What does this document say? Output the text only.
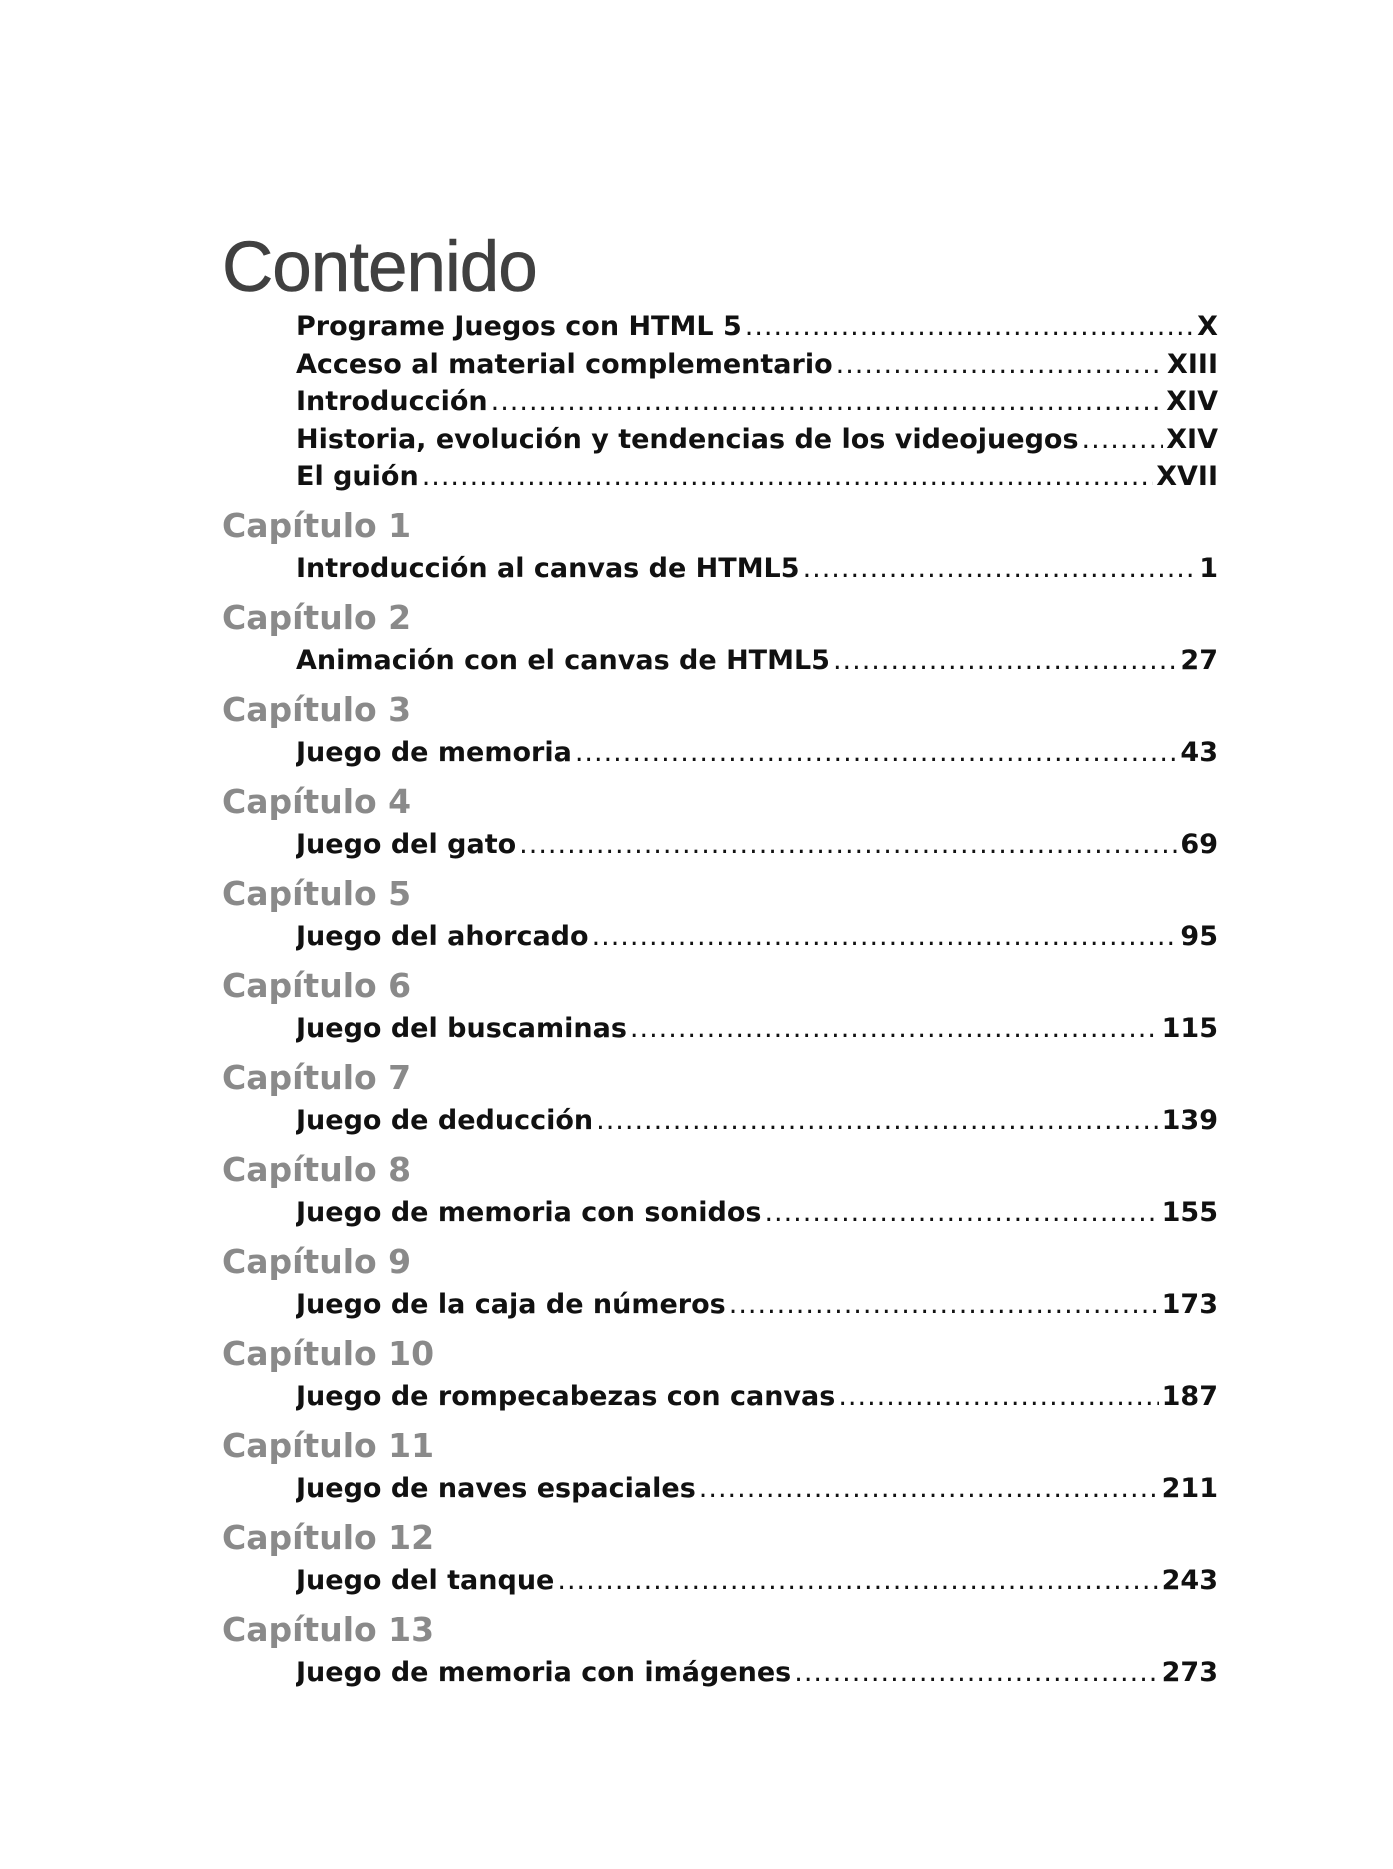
Contenido
Programe Juegos con HTML 5 .....	X
Acceso al material complementario .....	XIII
Introducción .....	XIV
Historia, evolución y tendencias de los videojuegos .....	XIV
El guión .....	XVII
Capítulo 1
Introducción al canvas de HTML5 .....	1
Capítulo 2
Animación con el canvas de HTML5 .....	27
Capítulo 3
Juego de memoria .....	43
Capítulo 4
Juego del gato .....	69
Capítulo 5
Juego del ahorcado .....	95
Capítulo 6
Juego del buscaminas .....	115
Capítulo 7
Juego de deducción .....	139
Capítulo 8
Juego de memoria con sonidos .....	155
Capítulo 9
Juego de la caja de números .....	173
Capítulo 10
Juego de rompecabezas con canvas .....	187
Capítulo 11
Juego de naves espaciales .....	211
Capítulo 12
Juego del tanque .....	243
Capítulo 13
Juego de memoria con imágenes .....	273
